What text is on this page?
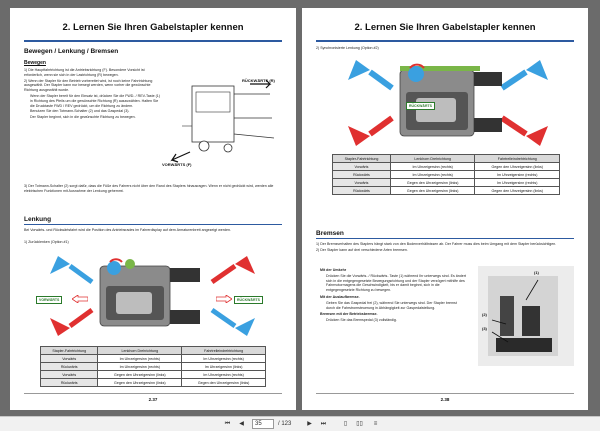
2. Lernen Sie Ihren Gabelstapler kennen
Bewegen / Lenkung / Bremsen
Bewegen

1) Die Hauptfahrtrichtung ist die Antriebsrichtung (F). Besondere Vorsicht ist erforderlich, wenn sie sich in der Lastrichtung (R) bewegen.

2) Wenn der Stapler für den Betrieb vorbereitet wird, ist noch keine Fahrtrichtung ausgewählt. Der Stapler kann nur bewegt werden, wenn vorher die gewünschte Richtung ausgewählt wurde.

Wenn der Stapler bereit für den Einsatz ist, drücken Sie die FWD- / REV-Taste (1) in Richtung des Pfeils um die gewünschte Richtung (R) auszuwählen. Halten Sie die Drucktaste FWD / REV gedrückt, um die Richtung zu ändern.

Benutzen Sie den Totmann-Schalter (2) und das Gaspedal (3).

Der Stapler beginnt, sich in die gewünschte Richtung zu bewegen.

3) Der Totmann-Schalter (2) sorgt dafür, dass die Füße des Fahrers nicht über den Rand des Staplers hinausragen. Wenn er nicht gedrückt wird, werden alle elektrischen Funktionen mit Ausnahme der Lenkung gehemmt.
RÜCKWÄRTS (R)
VORWÄRTS (F)
Lenkung
Bei Vorwärts- und Rückwärtsfahrt wird die Position des Antriebsrades im Fahrerdisplay auf dem Armaturenbrett angezeigt werden.
1) Zurücklenken (Option #1)
VORWÄRTS	RÜCKWÄRTS
Stapler-Fahrtrichtung	Lenkhorn Drehrichtung	Fahrtrelleindrehtrichtung
Vorwärts	Im Uhrzeigersinn (rechts)	Im Uhrzeigersinn (rechts)
Rückwärts	Im Uhrzeigersinn (rechts)	Im Uhrzeigersinn (links)
Vorwärts	Gegen den Uhrzeigersinn (links)	Im Uhrzeigersinn (rechts)
Rückwärts	Gegen den Uhrzeigersinn (links)	Gegen den Uhrzeigersinn (links)
2.37
2. Lernen Sie Ihren Gabelstapler kennen
2) Synchronisierte Lenkung (Option #2)
RÜCKWÄRTS
Stapler-Fahrtrichtung	Lenkhorn Drehrichtung	Fahrtrelleindrehtrichtung
Vorwärts	Im Uhrzeigersinn (rechts)	Gegen den Uhrzeigersinn (links)
Rückwärts	Im Uhrzeigersinn (rechts)	Im Uhrzeigersinn (rechts)
Vorwärts	Gegen den Uhrzeigersinn (links)	Im Uhrzeigersinn (rechts)
Rückwärts	Gegen den Uhrzeigersinn (links)	Gegen den Uhrzeigersinn (links)
Bremsen

1) Der Bremsverhalten des Staplers hängt stark von den Bodenverhältnissen ab. Der Fahrer muss dies beim Umgang mit dem Stapler berücksichtigen.

2) Der Stapler kann auf drei verschiedene Arten bremsen.

Mit der Umkehr

Drücken Sie die Vorwärts- / Rückwärts- Taste (1) während Ihr unterwegs sind. Es ändert sich in die entgegengesetzte Bewegungsrichtung und der Stapler verzögert mithilfe des Fahrmotormagens die Geschwindigkeit, bis er damit beginnt, sich in die entgegengesetzte Richtung zu bewegen.

Mit der Auslaufbremse.

Geben Sie das Gaspedal frei (2), während Sie unterwegs sind. Der Stapler bremst durch die Fahrstromsteuerung in Abhängigkeit zur Gaspedalstellung.

Bremsen mit der Betriebsbremse.

Drücken Sie das Bremspedal (3) vollständig.

(1)
(2)
(3)
2.38
⏮	◀	35	/ 123	▶	⏭	▯	▯▯	≡
